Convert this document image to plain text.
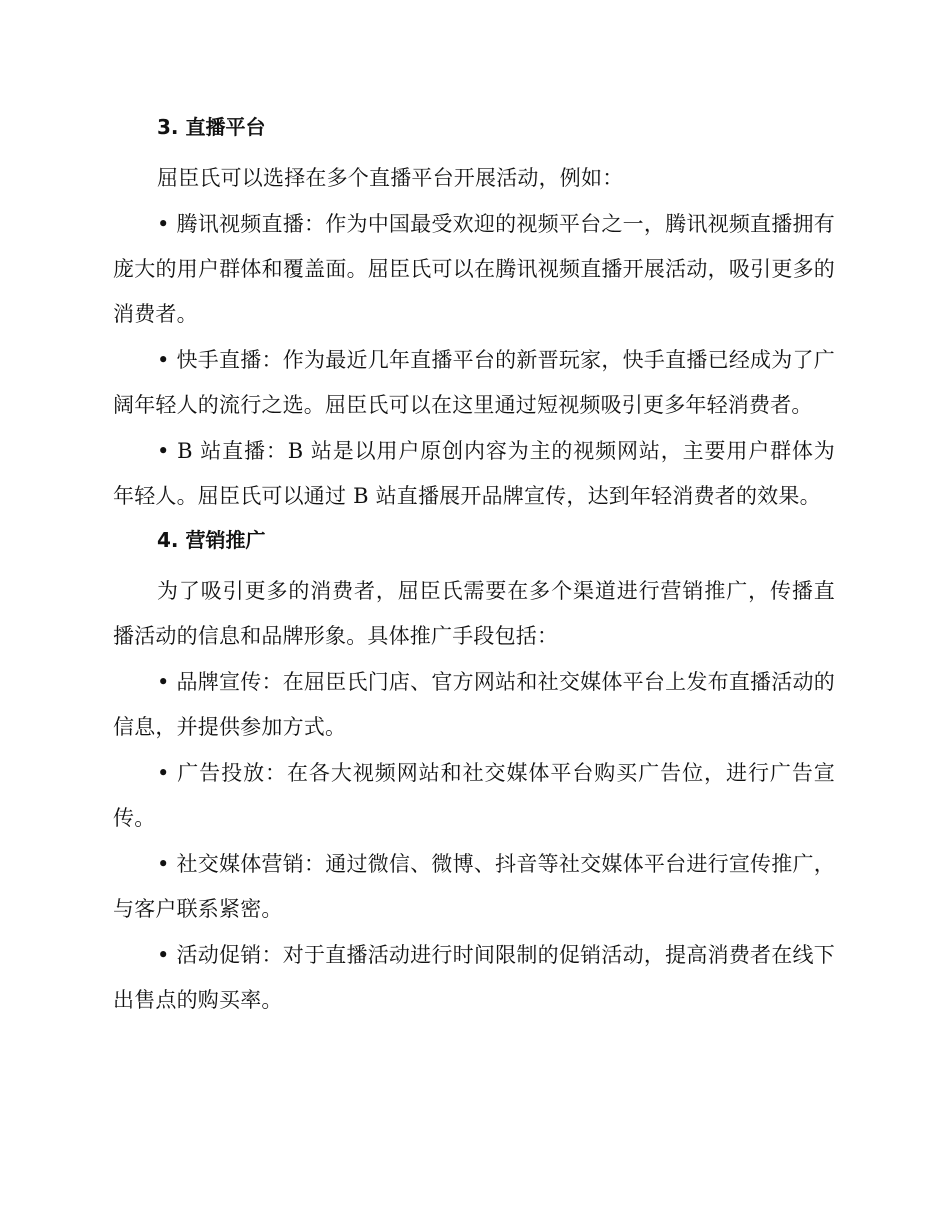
3. 直播平台

屈臣氏可以选择在多个直播平台开展活动，例如：

• 腾讯视频直播：作为中国最受欢迎的视频平台之一，腾讯视频直播拥有庞大的用户群体和覆盖面。屈臣氏可以在腾讯视频直播开展活动，吸引更多的消费者。

• 快手直播：作为最近几年直播平台的新晋玩家，快手直播已经成为了广阔年轻人的流行之选。屈臣氏可以在这里通过短视频吸引更多年轻消费者。

• B 站直播：B 站是以用户原创内容为主的视频网站，主要用户群体为年轻人。屈臣氏可以通过 B 站直播展开品牌宣传，达到年轻消费者的效果。

4. 营销推广

为了吸引更多的消费者，屈臣氏需要在多个渠道进行营销推广，传播直播活动的信息和品牌形象。具体推广手段包括：

• 品牌宣传：在屈臣氏门店、官方网站和社交媒体平台上发布直播活动的信息，并提供参加方式。

• 广告投放：在各大视频网站和社交媒体平台购买广告位，进行广告宣传。

• 社交媒体营销：通过微信、微博、抖音等社交媒体平台进行宣传推广，与客户联系紧密。

• 活动促销：对于直播活动进行时间限制的促销活动，提高消费者在线下出售点的购买率。
